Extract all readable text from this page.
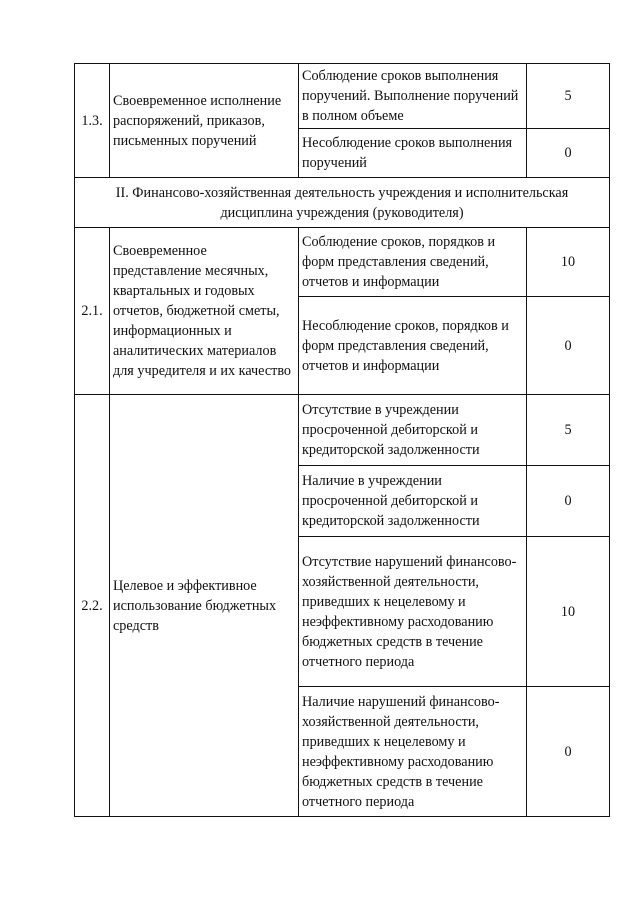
1.3.	Своевременное исполнение распоряжений, приказов, письменных поручений	Соблюдение сроков выполнения поручений. Выполнение поручений в полном объеме	5

		Несоблюдение сроков выполнения поручений	0

II. Финансово-хозяйственная деятельность учреждения и исполнительская дисциплина учреждения (руководителя)			

2.1.	Своевременное представление месячных, квартальных и годовых отчетов, бюджетной сметы, информационных и аналитических материалов для учредителя и их качество	Соблюдение сроков, порядков и форм представления сведений, отчетов и информации	10

		Несоблюдение сроков, порядков и форм представления сведений, отчетов и информации	0

2.2.	Целевое и эффективное использование бюджетных средств	Отсутствие в учреждении просроченной дебиторской и кредиторской задолженности	5

		Наличие в учреждении просроченной дебиторской и кредиторской задолженности	0

		Отсутствие нарушений финансово-хозяйственной деятельности, приведших к нецелевому и неэффективному расходованию бюджетных средств в течение отчетного периода	10

		Наличие нарушений финансово-хозяйственной деятельности, приведших к нецелевому и неэффективному расходованию бюджетных средств в течение отчетного периода	0
